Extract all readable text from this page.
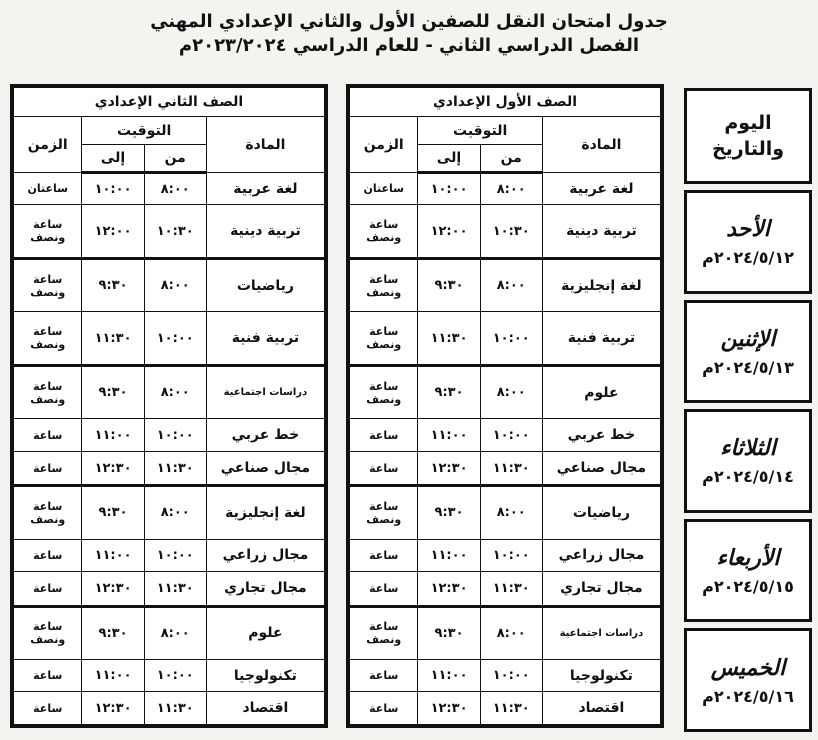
جدول امتحان النقل للصفين الأول والثاني الإعدادي المهني
الفصل الدراسي الثاني - للعام الدراسي ٢٠٢٣/٢٠٢٤م
اليوم والتاريخ
الأحد
٢٠٢٤/٥/١٢م
الإثنين
٢٠٢٤/٥/١٣م
الثلاثاء
٢٠٢٤/٥/١٤م
الأربعاء
٢٠٢٤/٥/١٥م
الخميس
٢٠٢٤/٥/١٦م
الصف الأول الإعدادي			
المادة	التوقيت		الزمن
	من	إلى	
لغة عربية	٨:٠٠	١٠:٠٠	ساعتان
تربية دينية	١٠:٣٠	١٢:٠٠	ساعة ونصف
لغة إنجليزية	٨:٠٠	٩:٣٠	ساعة ونصف
تربية فنية	١٠:٠٠	١١:٣٠	ساعة ونصف
علوم	٨:٠٠	٩:٣٠	ساعة ونصف
خط عربي	١٠:٠٠	١١:٠٠	ساعة
مجال صناعي	١١:٣٠	١٢:٣٠	ساعة
رياضيات	٨:٠٠	٩:٣٠	ساعة ونصف
مجال زراعي	١٠:٠٠	١١:٠٠	ساعة
مجال تجاري	١١:٣٠	١٢:٣٠	ساعة
دراسات اجتماعية	٨:٠٠	٩:٣٠	ساعة ونصف
تكنولوجيا	١٠:٠٠	١١:٠٠	ساعة
اقتصاد	١١:٣٠	١٢:٣٠	ساعة
الصف الثاني الإعدادي			
المادة	التوقيت		الزمن
	من	إلى	
لغة عربية	٨:٠٠	١٠:٠٠	ساعتان
تربية دينية	١٠:٣٠	١٢:٠٠	ساعة ونصف
رياضيات	٨:٠٠	٩:٣٠	ساعة ونصف
تربية فنية	١٠:٠٠	١١:٣٠	ساعة ونصف
دراسات اجتماعية	٨:٠٠	٩:٣٠	ساعة ونصف
خط عربي	١٠:٠٠	١١:٠٠	ساعة
مجال صناعي	١١:٣٠	١٢:٣٠	ساعة
لغة إنجليزية	٨:٠٠	٩:٣٠	ساعة ونصف
مجال زراعي	١٠:٠٠	١١:٠٠	ساعة
مجال تجاري	١١:٣٠	١٢:٣٠	ساعة
علوم	٨:٠٠	٩:٣٠	ساعة ونصف
تكنولوجيا	١٠:٠٠	١١:٠٠	ساعة
اقتصاد	١١:٣٠	١٢:٣٠	ساعة
